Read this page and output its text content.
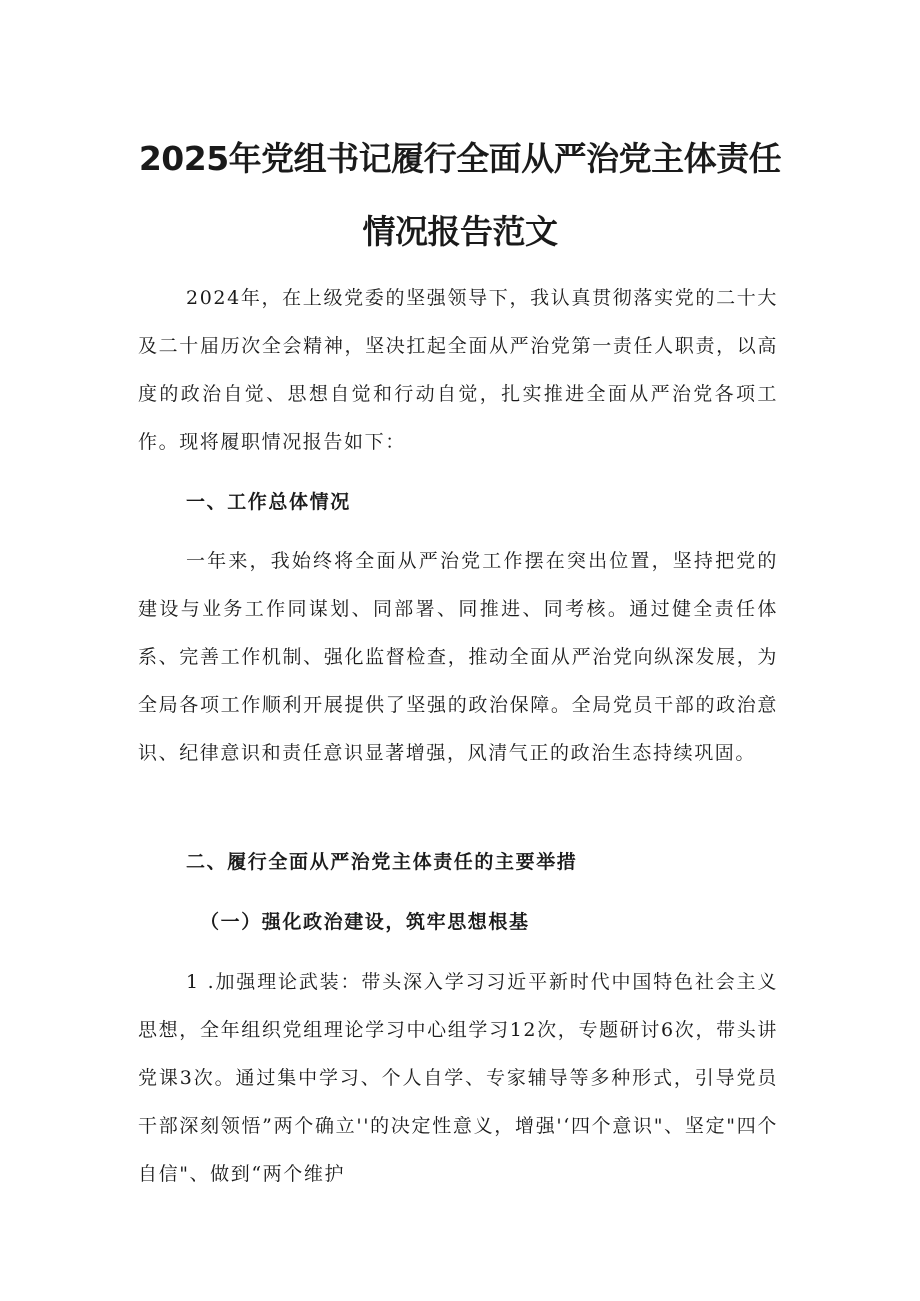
2025年党组书记履行全面从严治党主体责任
情况报告范文

2024年，在上级党委的坚强领导下，我认真贯彻落实党的二十大及二十届历次全会精神，坚决扛起全面从严治党第一责任人职责，以高度的政治自觉、思想自觉和行动自觉，扎实推进全面从严治党各项工作。现将履职情况报告如下：

一、工作总体情况

一年来，我始终将全面从严治党工作摆在突出位置，坚持把党的建设与业务工作同谋划、同部署、同推进、同考核。通过健全责任体系、完善工作机制、强化监督检查，推动全面从严治党向纵深发展，为全局各项工作顺利开展提供了坚强的政治保障。全局党员干部的政治意识、纪律意识和责任意识显著增强，风清气正的政治生态持续巩固。

二、履行全面从严治党主体责任的主要举措
（一）强化政治建设，筑牢思想根基

1 .加强理论武装：带头深入学习习近平新时代中国特色社会主义思想，全年组织党组理论学习中心组学习12次，专题研讨6次，带头讲党课3次。通过集中学习、个人自学、专家辅导等多种形式，引导党员干部深刻领悟”两个确立''的决定性意义，增强'‘四个意识"、坚定"四个自信"、做到“两个维护
